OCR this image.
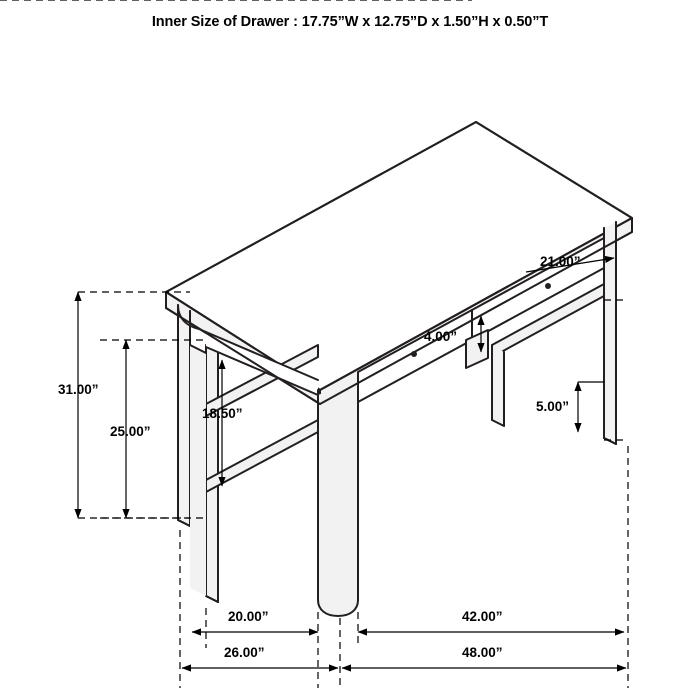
Inner Size of Drawer : 17.75”W x 12.75”D x 1.50”H x 0.50”T
31.00”
25.00”
18.50”
4.00”
5.00”
21.00”
20.00”	42.00”
26.00”	48.00”
